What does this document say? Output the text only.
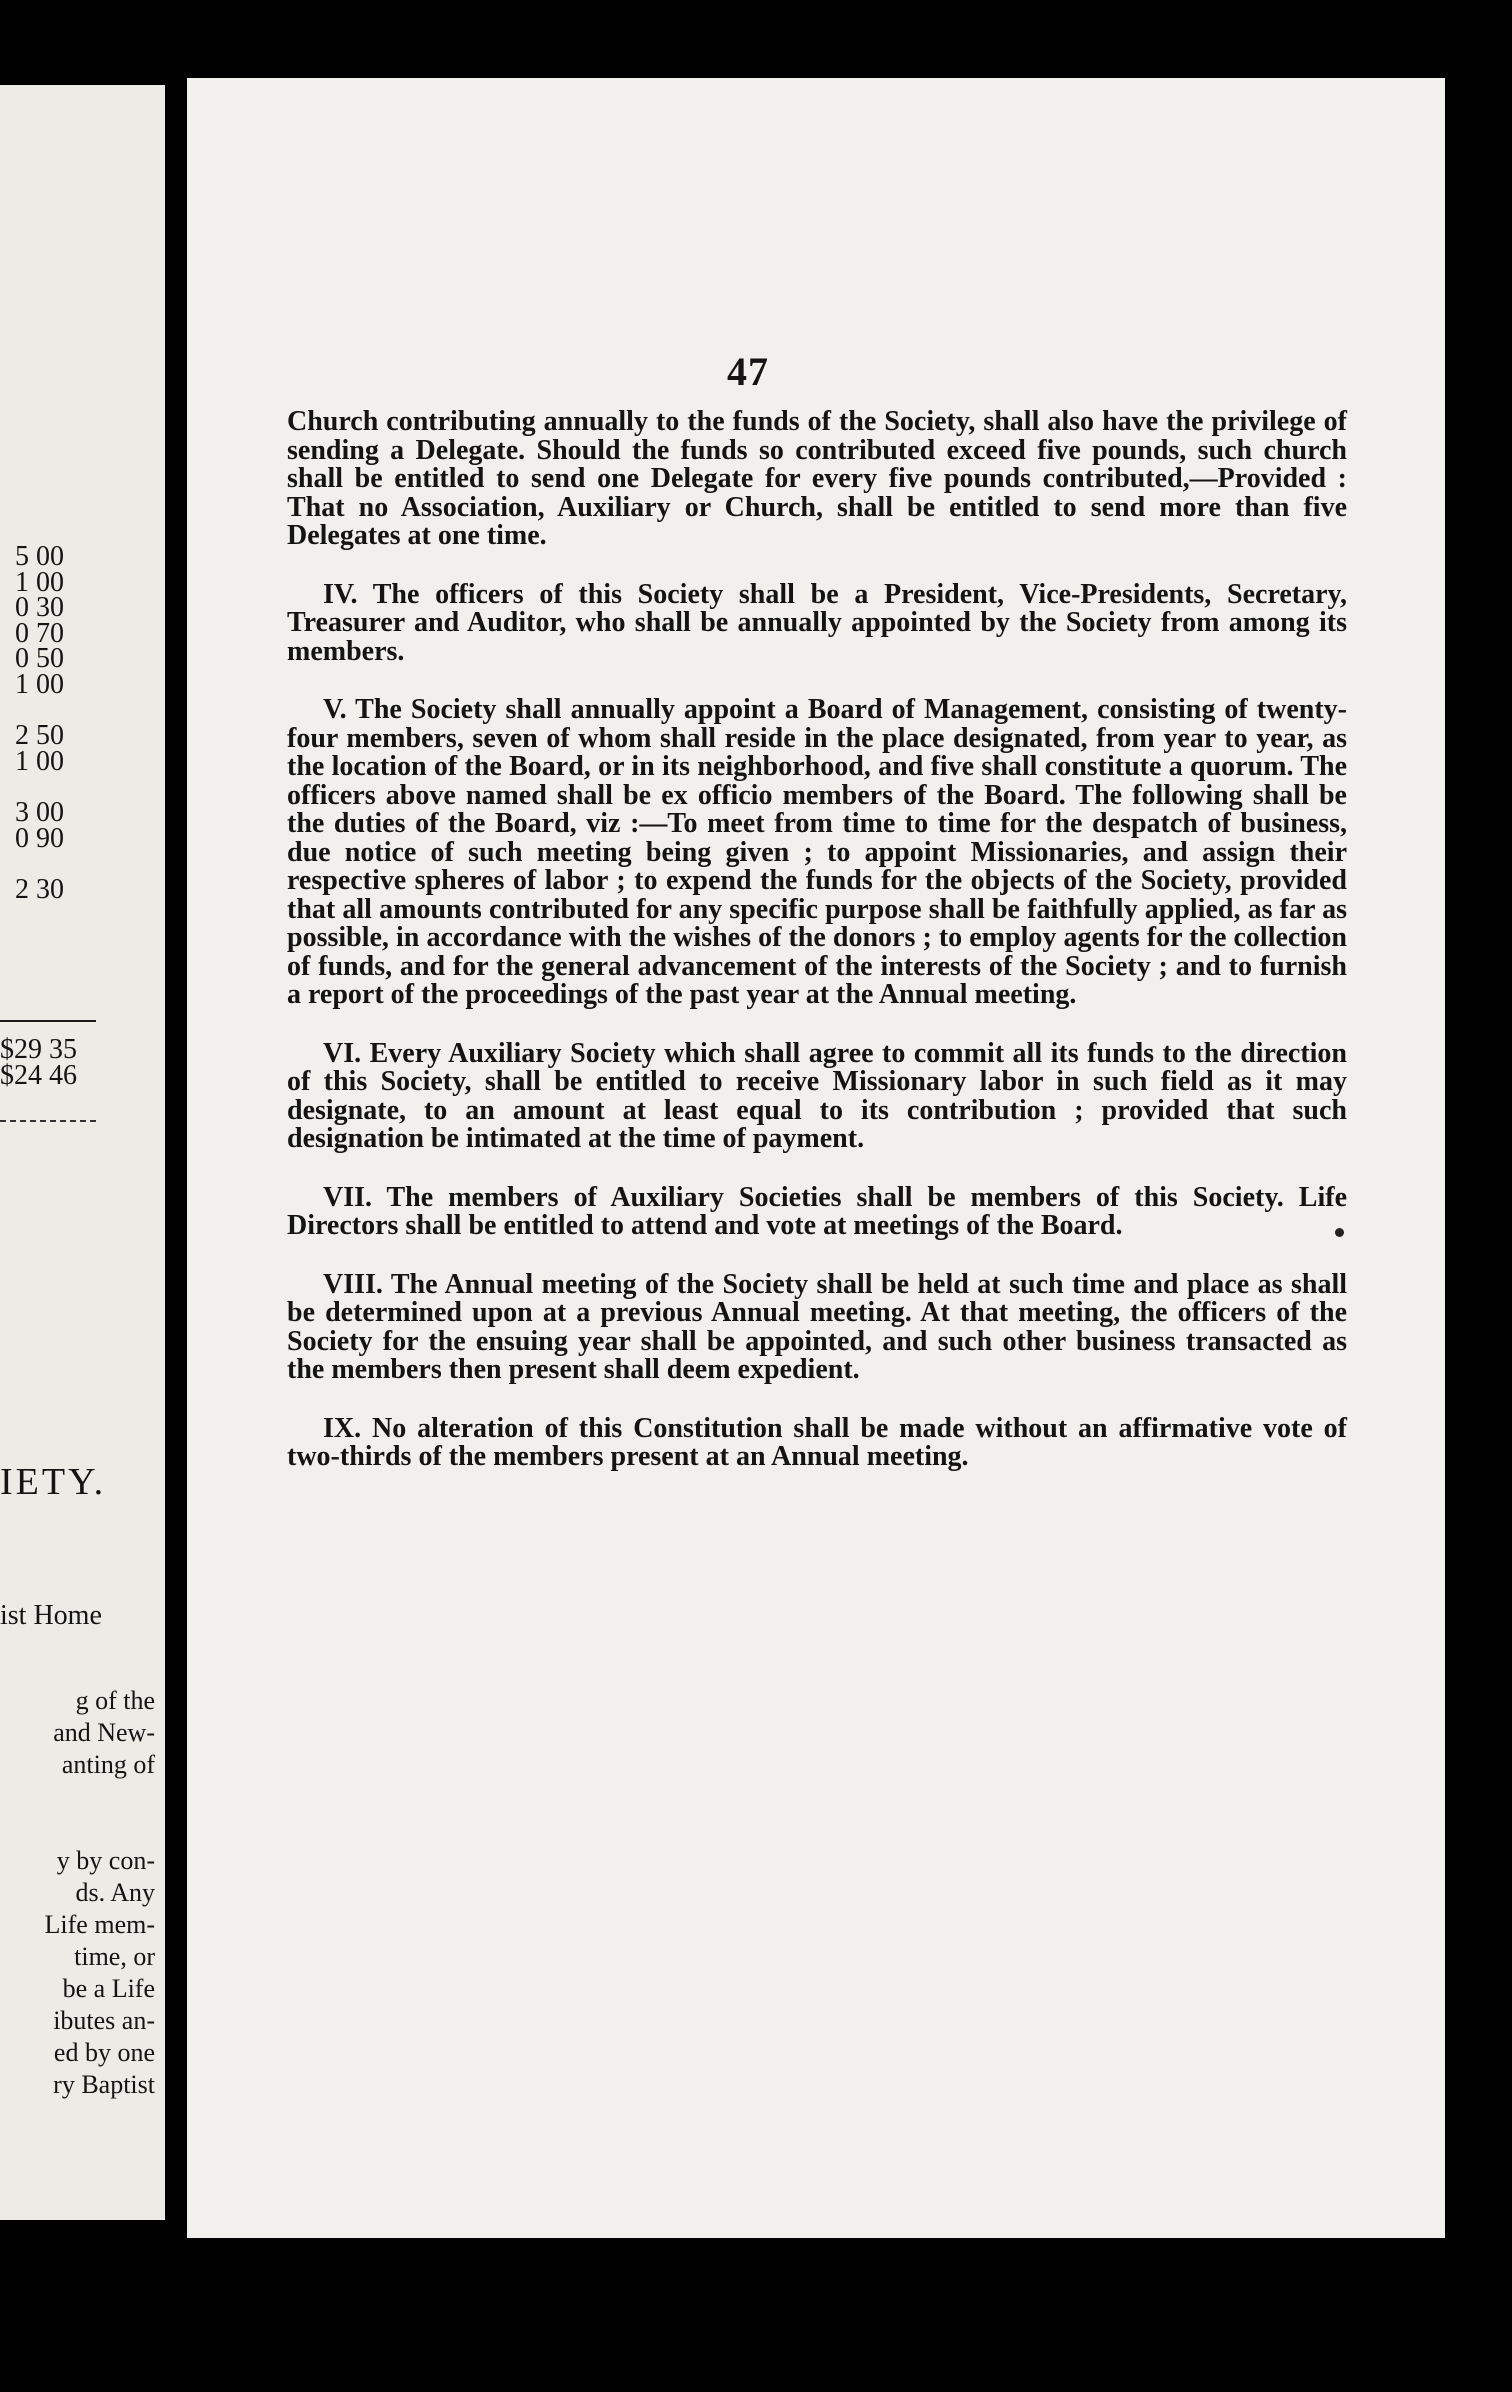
5 00
1 00
0 30
0 70
0 50
1 00
2 50
1 00
3 00
0 90
2 30
$29 35
$24 46
IETY.
ist Home
g of the
and New-
anting of
y by con-
ds. Any
Life mem-
time, or
be a Life
ibutes an-
ed by one
ry Baptist
47

Church contributing annually to the funds of the Society, shall also have the privilege of sending a Delegate. Should the funds so contributed exceed five pounds, such church shall be entitled to send one Delegate for every five pounds contributed,—Provided : That no Association, Auxiliary or Church, shall be entitled to send more than five Delegates at one time.

IV. The officers of this Society shall be a President, Vice-Presidents, Secretary, Treasurer and Auditor, who shall be annually appointed by the Society from among its members.

V. The Society shall annually appoint a Board of Management, consisting of twenty-four members, seven of whom shall reside in the place designated, from year to year, as the location of the Board, or in its neighborhood, and five shall constitute a quorum. The officers above named shall be ex officio members of the Board. The following shall be the duties of the Board, viz :—To meet from time to time for the despatch of business, due notice of such meeting being given ; to appoint Missionaries, and assign their respective spheres of labor ; to expend the funds for the objects of the Society, provided that all amounts contributed for any specific purpose shall be faithfully applied, as far as possible, in accordance with the wishes of the donors ; to employ agents for the collection of funds, and for the general advancement of the interests of the Society ; and to furnish a report of the proceedings of the past year at the Annual meeting.

VI. Every Auxiliary Society which shall agree to commit all its funds to the direction of this Society, shall be entitled to receive Missionary labor in such field as it may designate, to an amount at least equal to its contribution ; provided that such designation be intimated at the time of payment.

VII. The members of Auxiliary Societies shall be members of this Society. Life Directors shall be entitled to attend and vote at meetings of the Board.

VIII. The Annual meeting of the Society shall be held at such time and place as shall be determined upon at a previous Annual meeting. At that meeting, the officers of the Society for the ensuing year shall be appointed, and such other business transacted as the members then present shall deem expedient.

IX. No alteration of this Constitution shall be made without an affirmative vote of two-thirds of the members present at an Annual meeting.
